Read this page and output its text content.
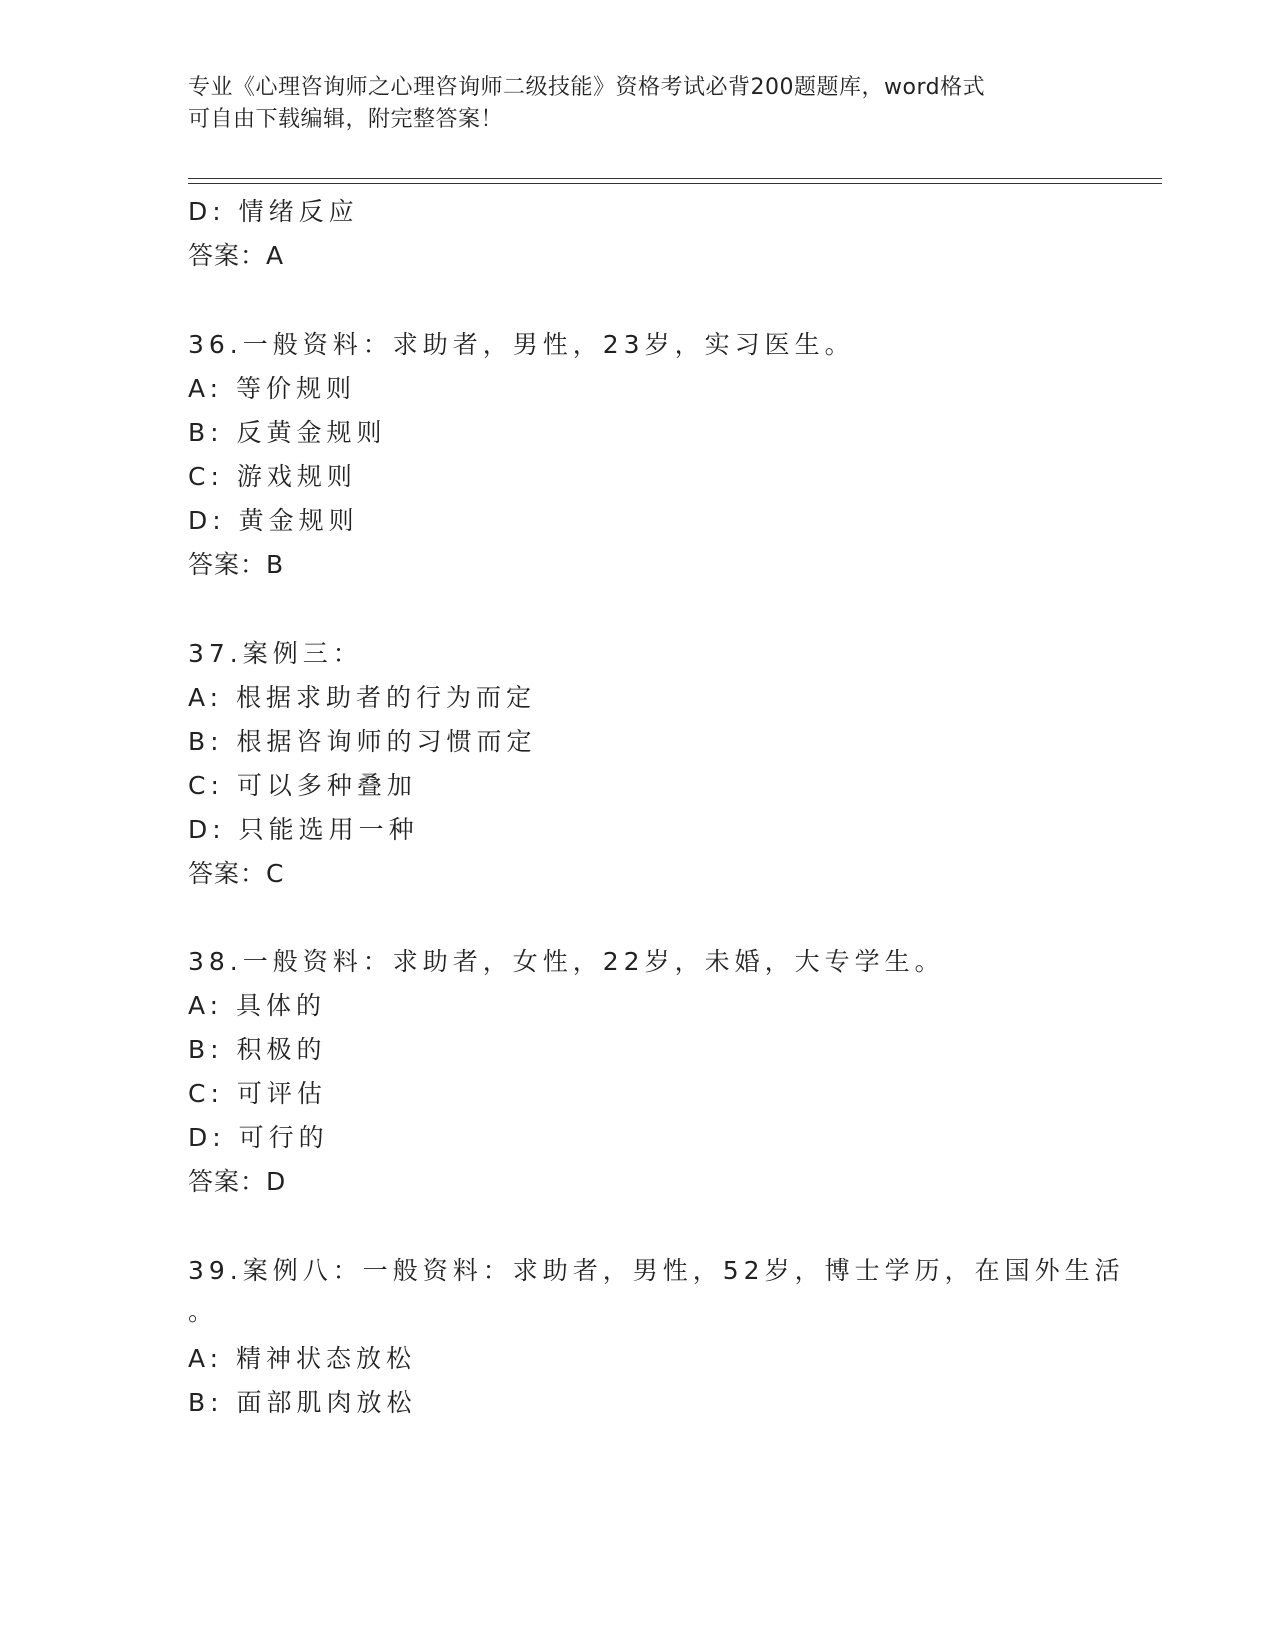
专业《心理咨询师之心理咨询师二级技能》资格考试必背200题题库，word格式
可自由下载编辑，附完整答案！
D: 情绪反应
答案：A
36.一般资料：求助者，男性，23岁，实习医生。
A: 等价规则
B: 反黄金规则
C: 游戏规则
D: 黄金规则
答案：B
37.案例三：
A: 根据求助者的行为而定
B: 根据咨询师的习惯而定
C: 可以多种叠加
D: 只能选用一种
答案：C
38.一般资料：求助者，女性，22岁，未婚，大专学生。
A: 具体的
B: 积极的
C: 可评估
D: 可行的
答案：D
39.案例八：一般资料：求助者，男性，52岁，博士学历，在国外生活
。
A: 精神状态放松
B: 面部肌肉放松
